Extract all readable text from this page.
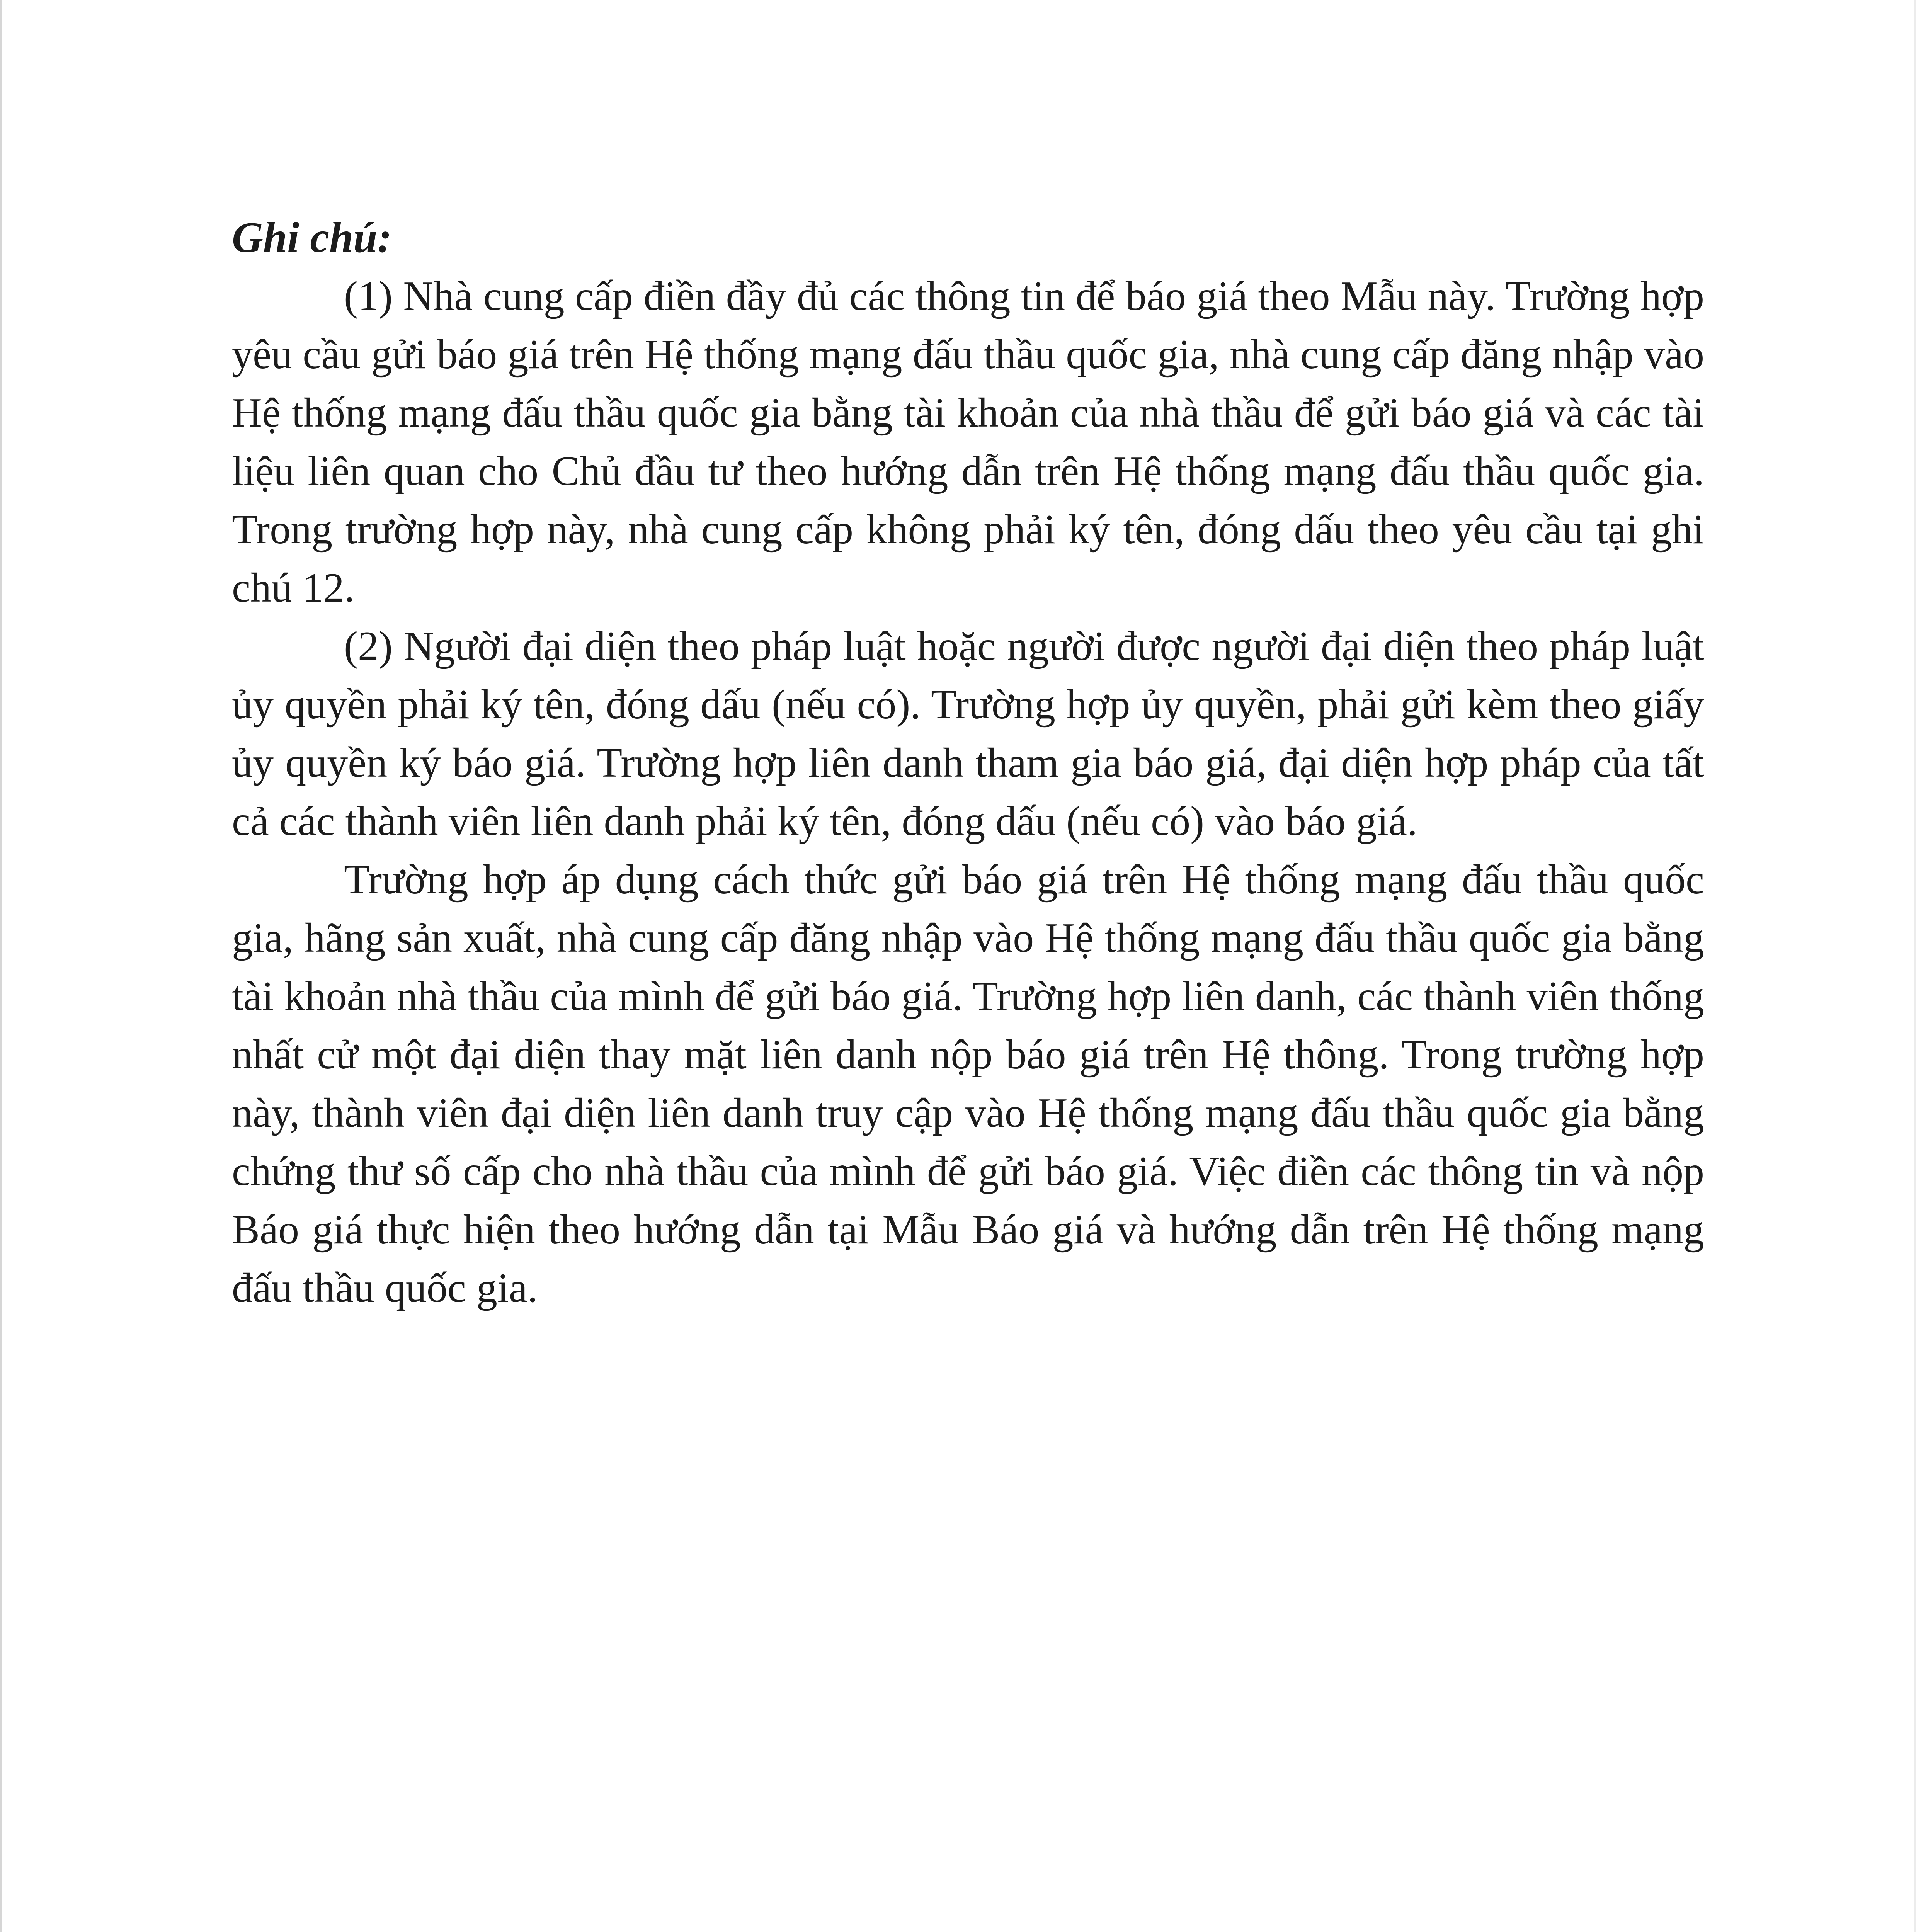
Ghi chú:

(1) Nhà cung cấp điền đầy đủ các thông tin để báo giá theo Mẫu này. Trường hợp yêu cầu gửi báo giá trên Hệ thống mạng đấu thầu quốc gia, nhà cung cấp đăng nhập vào Hệ thống mạng đấu thầu quốc gia bằng tài khoản của nhà thầu để gửi báo giá và các tài liệu liên quan cho Chủ đầu tư theo hướng dẫn trên Hệ thống mạng đấu thầu quốc gia. Trong trường hợp này, nhà cung cấp không phải ký tên, đóng dấu theo yêu cầu tại ghi chú 12.

(2) Người đại diện theo pháp luật hoặc người được người đại diện theo pháp luật ủy quyền phải ký tên, đóng dấu (nếu có). Trường hợp ủy quyền, phải gửi kèm theo giấy ủy quyền ký báo giá. Trường hợp liên danh tham gia báo giá, đại diện hợp pháp của tất cả các thành viên liên danh phải ký tên, đóng dấu (nếu có) vào báo giá.

Trường hợp áp dụng cách thức gửi báo giá trên Hệ thống mạng đấu thầu quốc gia, hãng sản xuất, nhà cung cấp đăng nhập vào Hệ thống mạng đấu thầu quốc gia bằng tài khoản nhà thầu của mình để gửi báo giá. Trường hợp liên danh, các thành viên thống nhất cử một đại diện thay mặt liên danh nộp báo giá trên Hệ thông. Trong trường hợp này, thành viên đại diện liên danh truy cập vào Hệ thống mạng đấu thầu quốc gia bằng chứng thư số cấp cho nhà thầu của mình để gửi báo giá. Việc điền các thông tin và nộp Báo giá thực hiện theo hướng dẫn tại Mẫu Báo giá và hướng dẫn trên Hệ thống mạng đấu thầu quốc gia.
